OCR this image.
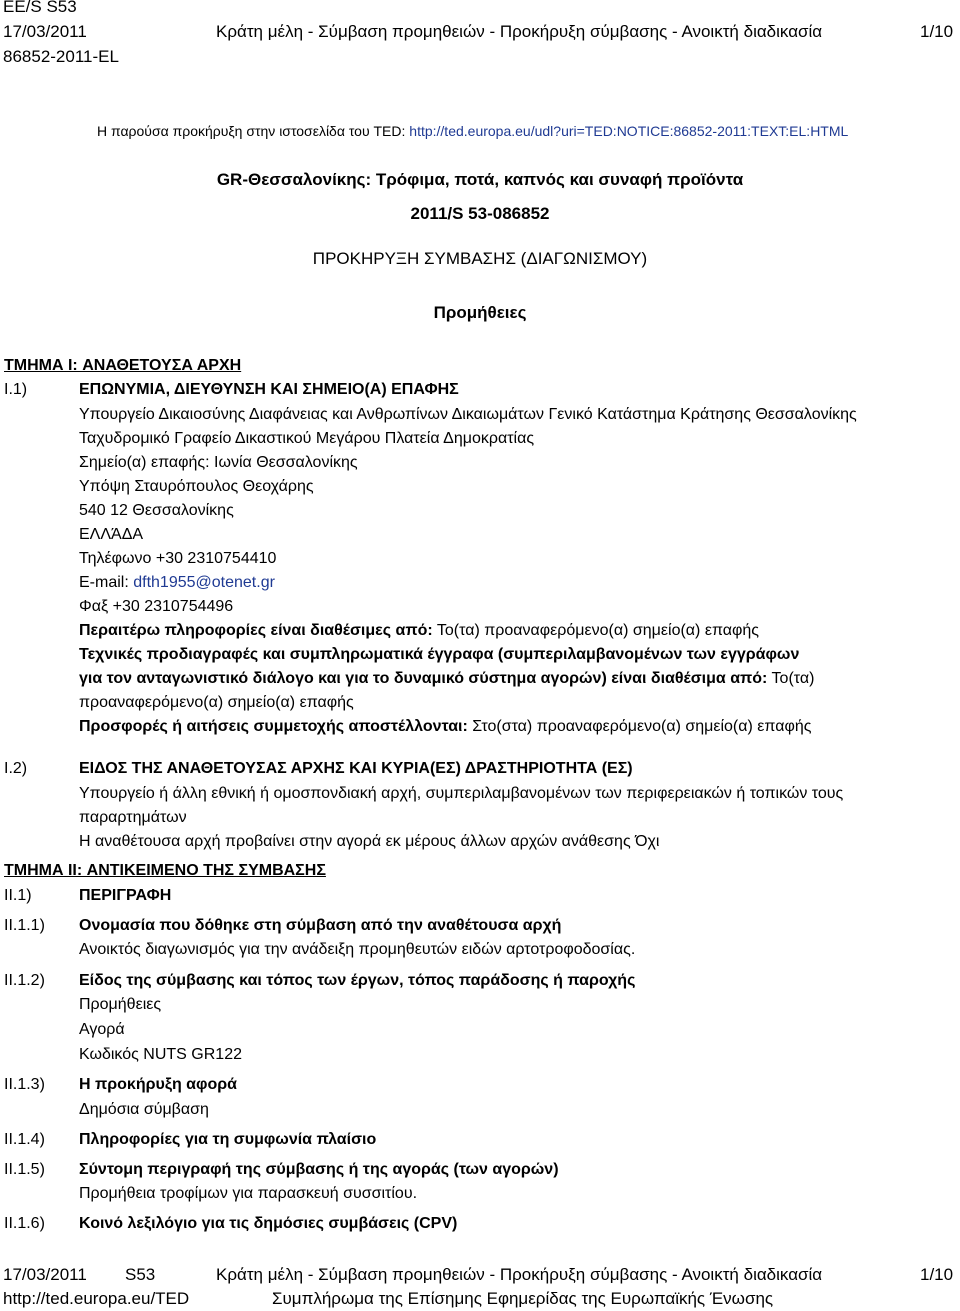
EE/S S53
17/03/2011
86852-2011-EL
Κράτη μέλη - Σύμβαση προμηθειών - Προκήρυξη σύμβασης - Ανοικτή διαδικασία	1/10
Η παρούσα προκήρυξη στην ιστοσελίδα του TED: http://ted.europa.eu/udl?uri=TED:NOTICE:86852-2011:TEXT:EL:HTML
GR-Θεσσαλονίκης: Τρόφιμα, ποτά, καπνός και συναφή προϊόντα
2011/S 53-086852
ΠΡΟΚΗΡΥΞΗ ΣΥΜΒΑΣΗΣ (ΔΙΑΓΩΝΙΣΜΟΥ)
Προμήθειες
ΤΜΗΜΑ I: ΑΝΑΘΕΤΟΥΣΑ ΑΡΧΗ
I.1)	ΕΠΩΝΥΜΙΑ, ΔΙΕΥΘΥΝΣΗ ΚΑΙ ΣΗΜΕΙΟ(Α) ΕΠΑΦΗΣ
Υπουργείο Δικαιοσύνης Διαφάνειας και Ανθρωπίνων Δικαιωμάτων Γενικό Κατάστημα Κράτησης Θεσσαλονίκης
Ταχυδρομικό Γραφείο Δικαστικού Μεγάρου Πλατεία Δημοκρατίας
Σημείο(α) επαφής: Ιωνία Θεσσαλονίκης
Υπόψη Σταυρόπουλος Θεοχάρης
540 12 Θεσσαλονίκης
ΕΛΛΆΔΑ
Τηλέφωνο +30 2310754410
E-mail: dfth1955@otenet.gr
Φαξ +30 2310754496
Περαιτέρω πληροφορίες είναι διαθέσιμες από: Το(τα) προαναφερόμενο(α) σημείο(α) επαφής
Τεχνικές προδιαγραφές και συμπληρωματικά έγγραφα (συμπεριλαμβανομένων των εγγράφων
για τον ανταγωνιστικό διάλογο και για το δυναμικό σύστημα αγορών) είναι διαθέσιμα από: Το(τα)
προαναφερόμενο(α) σημείο(α) επαφής
Προσφορές ή αιτήσεις συμμετοχής αποστέλλονται: Στο(στα) προαναφερόμενο(α) σημείο(α) επαφής
I.2)	ΕΙΔΟΣ ΤΗΣ ΑΝΑΘΕΤΟΥΣΑΣ ΑΡΧΗΣ ΚΑΙ ΚΥΡΙΑ(ΕΣ) ΔΡΑΣΤΗΡΙΟΤΗΤΑ (ΕΣ)
Υπουργείο ή άλλη εθνική ή ομοσπονδιακή αρχή, συμπεριλαμβανομένων των περιφερειακών ή τοπικών τους
παραρτημάτων
Η αναθέτουσα αρχή προβαίνει στην αγορά εκ μέρους άλλων αρχών ανάθεσης Όχι
ΤΜΗΜΑ II: ΑΝΤΙΚΕΙΜΕΝΟ ΤΗΣ ΣΥΜΒΑΣΗΣ
II.1)	ΠΕΡΙΓΡΑΦΗ
II.1.1) Ονομασία που δόθηκε στη σύμβαση από την αναθέτουσα αρχή
Ανοικτός διαγωνισμός για την ανάδειξη προμηθευτών ειδών αρτοτροφοδοσίας.
II.1.2) Είδος της σύμβασης και τόπος των έργων, τόπος παράδοσης ή παροχής
Προμήθειες
Αγορά
Κωδικός NUTS GR122
II.1.3) Η προκήρυξη αφορά
Δημόσια σύμβαση
II.1.4) Πληροφορίες για τη συμφωνία πλαίσιο
II.1.5) Σύντομη περιγραφή της σύμβασης ή της αγοράς (των αγορών)
Προμήθεια τροφίμων για παρασκευή συσσιτίου.
II.1.6) Κοινό λεξιλόγιο για τις δημόσιες συμβάσεις (CPV)
17/03/2011 S53
http://ted.europa.eu/TED
Κράτη μέλη - Σύμβαση προμηθειών - Προκήρυξη σύμβασης - Ανοικτή διαδικασία
Συμπλήρωμα της Επίσημης Εφημερίδας της Ευρωπαϊκής Ένωσης
1/10
